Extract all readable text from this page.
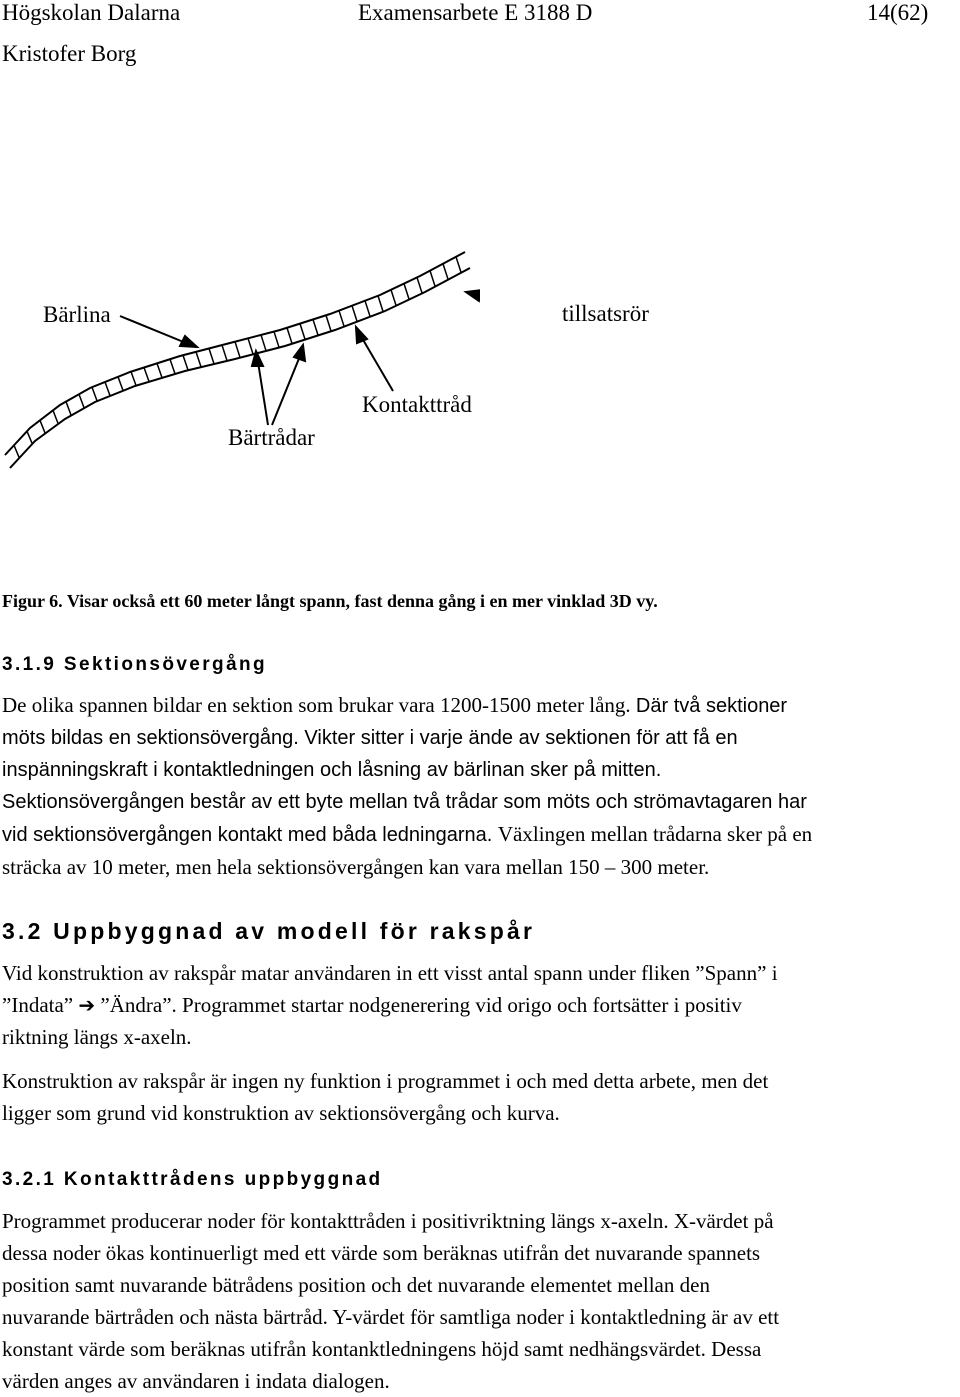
Högskolan Dalarna	Examensarbete E 3188 D	14(62)
Kristofer Borg
Bärlina	tillsatsrör
Kontakttråd
Bärtrådar
Figur 6. Visar också ett 60 meter långt spann, fast denna gång i en mer vinklad 3D vy.
3.1.9 Sektionsövergång
De olika spannen bildar en sektion som brukar vara 1200-1500 meter lång. Där två sektioner
möts bildas en sektionsövergång. Vikter sitter i varje ände av sektionen för att få en
inspänningskraft i kontaktledningen och låsning av bärlinan sker på mitten.
Sektionsövergången består av ett byte mellan två trådar som möts och strömavtagaren har
vid sektionsövergången kontakt med båda ledningarna. Växlingen mellan trådarna sker på en
sträcka av 10 meter, men hela sektionsövergången kan vara mellan 150 – 300 meter.
3.2 Uppbyggnad av modell för rakspår
Vid konstruktion av rakspår matar användaren in ett visst antal spann under fliken ”Spann” i
”Indata” ➔ ”Ändra”. Programmet startar nodgenerering vid origo och fortsätter i positiv
riktning längs x-axeln.
Konstruktion av rakspår är ingen ny funktion i programmet i och med detta arbete, men det
ligger som grund vid konstruktion av sektionsövergång och kurva.
3.2.1 Kontakttrådens uppbyggnad
Programmet producerar noder för kontakttråden i positivriktning längs x-axeln. X-värdet på
dessa noder ökas kontinuerligt med ett värde som beräknas utifrån det nuvarande spannets
position samt nuvarande bätrådens position och det nuvarande elementet mellan den
nuvarande bärtråden och nästa bärtråd. Y-värdet för samtliga noder i kontaktledning är av ett
konstant värde som beräknas utifrån kontanktledningens höjd samt nedhängsvärdet. Dessa
värden anges av användaren i indata dialogen.
